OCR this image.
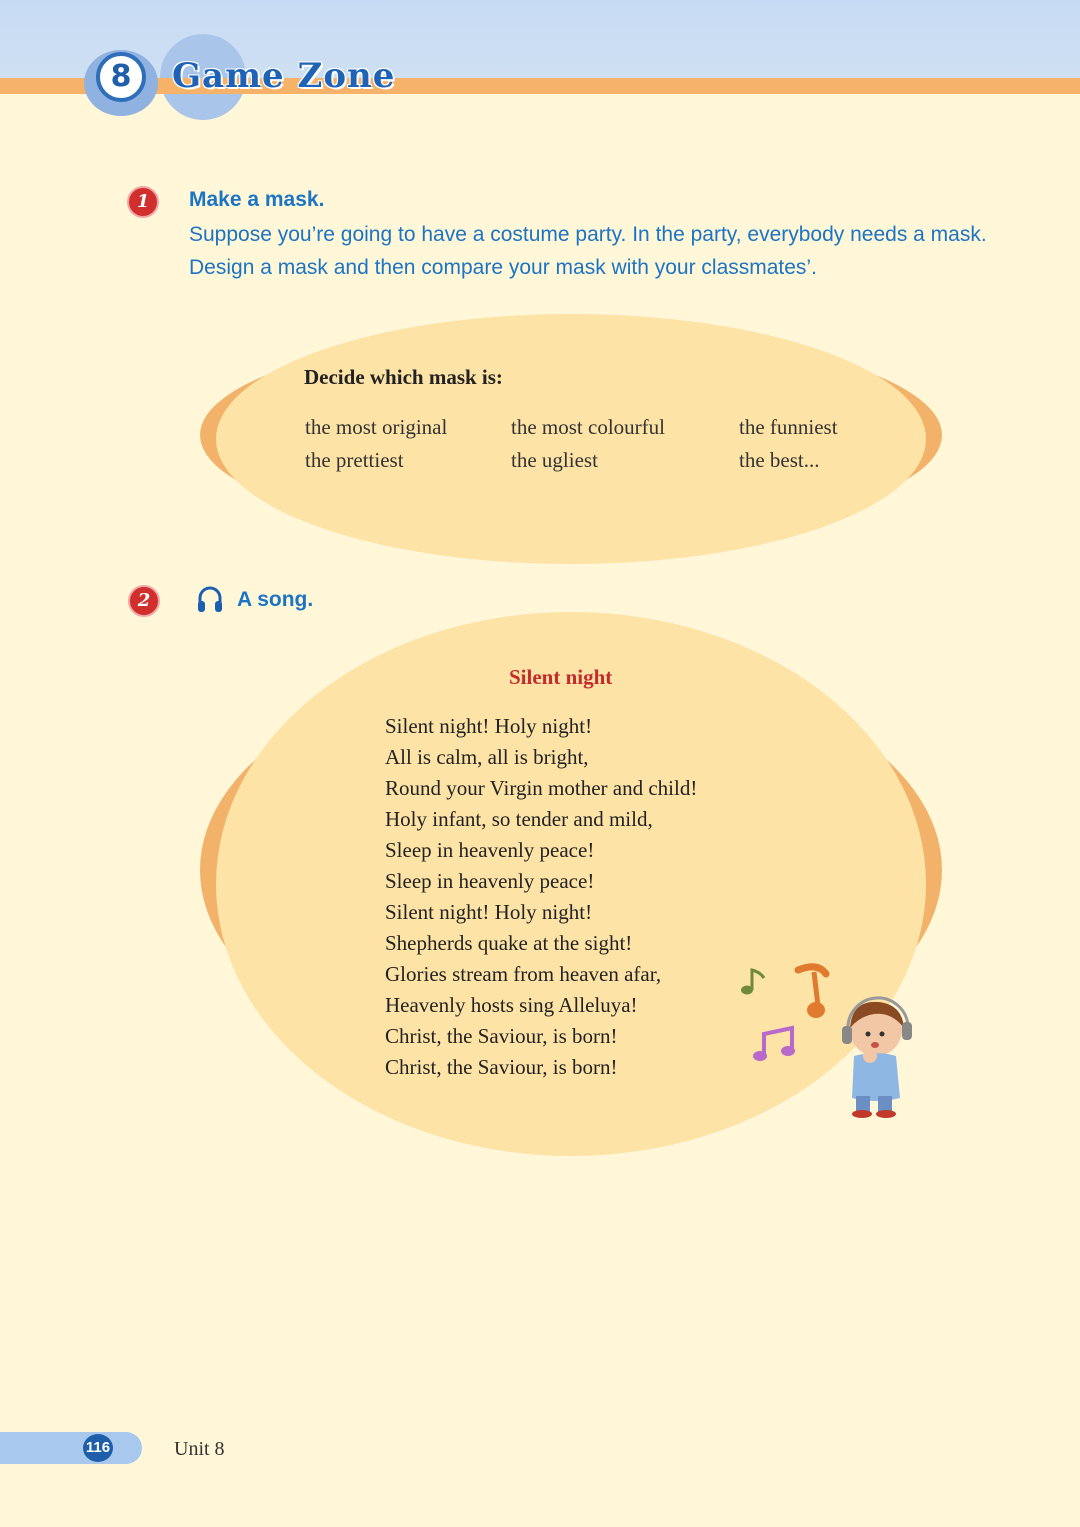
8	Game Zone
1	Make a mask.
Suppose you’re going to have a costume party. In the party, everybody needs a mask. Design a mask and then compare your mask with your classmates’.
Decide which mask is:
the most original	the most colourful	the funniest
the prettiest	the ugliest	the best...
2	A song.
Silent night
Silent night! Holy night!
All is calm, all is bright,
Round your Virgin mother and child!
Holy infant, so tender and mild,
Sleep in heavenly peace!
Sleep in heavenly peace!
Silent night! Holy night!
Shepherds quake at the sight!
Glories stream from heaven afar,
Heavenly hosts sing Alleluya!
Christ, the Saviour, is born!
Christ, the Saviour, is born!
116	Unit 8
